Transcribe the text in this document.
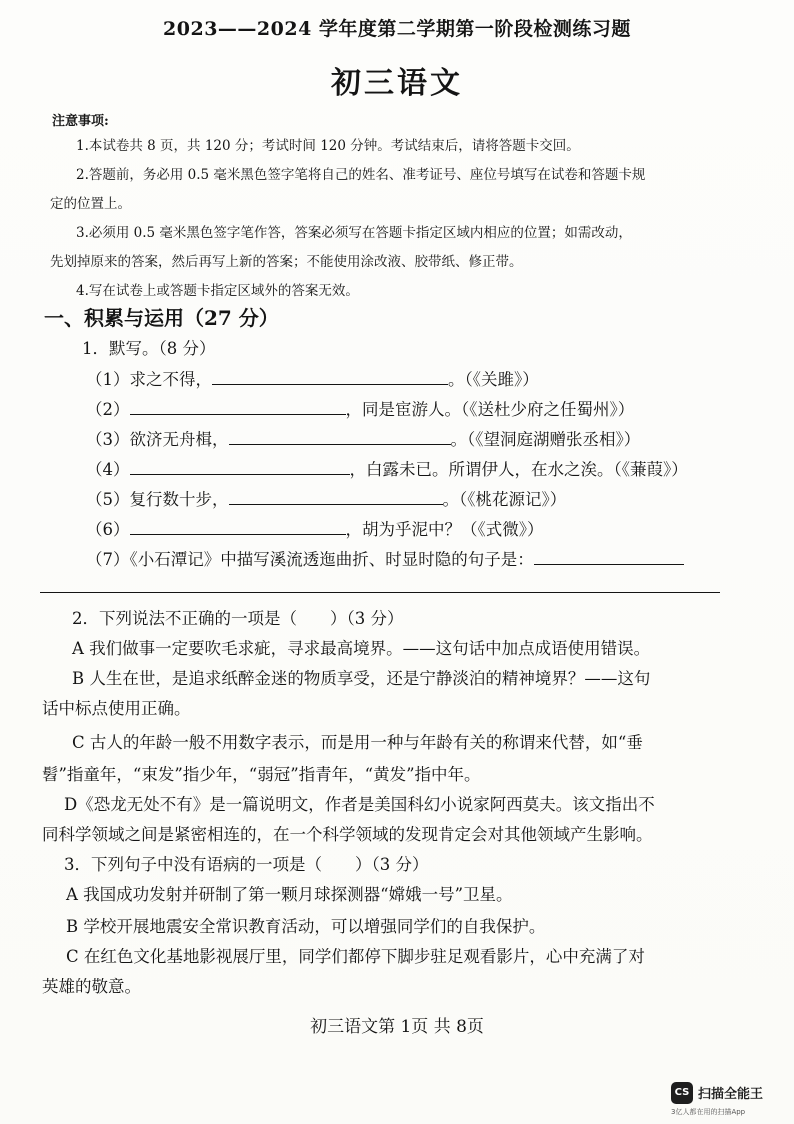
2023——2024 学年度第二学期第一阶段检测练习题
初三语文
注意事项:
1.本试卷共 8 页，共 120 分；考试时间 120 分钟。考试结束后，请将答题卡交回。
2.答题前，务必用 0.5 毫米黑色签字笔将自己的姓名、准考证号、座位号填写在试卷和答题卡规
定的位置上。
3.必须用 0.5 毫米黑色签字笔作答，答案必须写在答题卡指定区域内相应的位置；如需改动，
先划掉原来的答案，然后再写上新的答案；不能使用涂改液、胶带纸、修正带。
4.写在试卷上或答题卡指定区域外的答案无效。
一、积累与运用（27 分）
1．默写。（8 分）
（1）求之不得，	。（《关雎》）
（2）	，同是宦游人。（《送杜少府之任蜀州》）
（3）欲济无舟楫，	。（《望洞庭湖赠张丞相》）
（4）	，白露未已。所谓伊人，在水之涘。（《蒹葭》）
（5）复行数十步，	。（《桃花源记》）
（6）	，胡为乎泥中？（《式微》）
（7）《小石潭记》中描写溪流透迤曲折、时显时隐的句子是：
2．下列说法不正确的一项是（　　）（3 分）
A 我们做事一定要吹毛求疵，寻求最高境界。——这句话中加点成语使用错误。
B 人生在世，是追求纸醉金迷的物质享受，还是宁静淡泊的精神境界？——这句
话中标点使用正确。
C 古人的年龄一般不用数字表示，而是用一种与年龄有关的称谓来代替，如“垂
髫”指童年，“束发”指少年，“弱冠”指青年，“黄发”指中年。
D《恐龙无处不有》是一篇说明文，作者是美国科幻小说家阿西莫夫。该文指出不
同科学领域之间是紧密相连的，在一个科学领域的发现肯定会对其他领域产生影响。
3．下列句子中没有语病的一项是（　　）（3 分）
A 我国成功发射并研制了第一颗月球探测器“嫦娥一号”卫星。
B 学校开展地震安全常识教育活动，可以增强同学们的自我保护。
C 在红色文化基地影视展厅里，同学们都停下脚步驻足观看影片，心中充满了对
英雄的敬意。
初三语文第 1页 共 8页
CS 扫描全能王
3亿人都在用的扫描App
